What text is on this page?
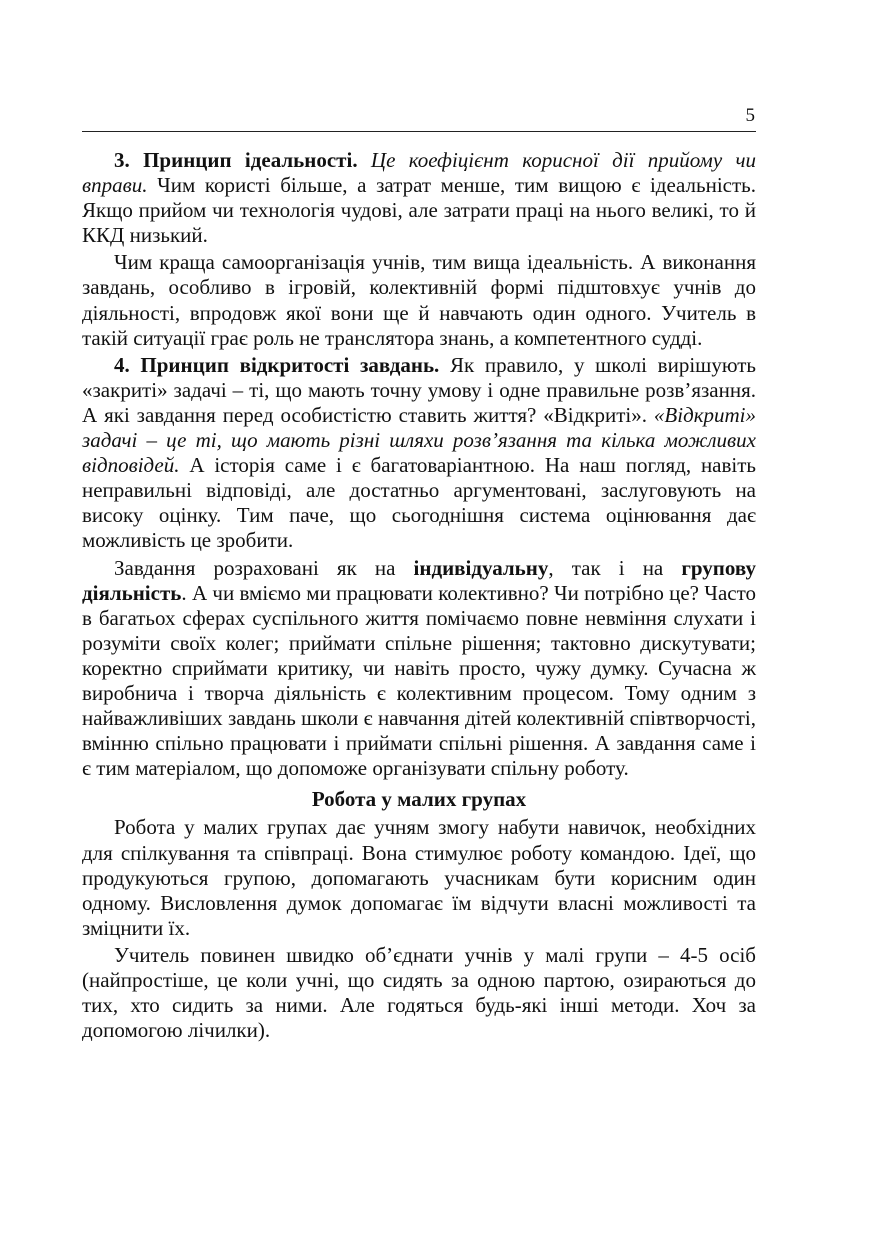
5

3. Принцип ідеальності. Це коефіцієнт корисної дії прийому чи вправи. Чим користі більше, а затрат менше, тим вищою є ідеальність. Якщо прийом чи технологія чудові, але затрати праці на нього великі, то й ККД низький.

Чим краща самоорганізація учнів, тим вища ідеальність. А виконання завдань, особливо в ігровій, колективній формі підштовхує учнів до діяльності, впродовж якої вони ще й навчають один одного. Учитель в такій ситуації грає роль не транслятора знань, а компетентного судді.

4. Принцип відкритості завдань. Як правило, у школі вирішують «закриті» задачі – ті, що мають точну умову і одне правильне розв’язання. А які завдання перед особистістю ставить життя? «Відкриті». «Відкриті» задачі – це ті, що мають різні шляхи розв’язання та кілька можливих відповідей. А історія саме і є багатоваріантною. На наш погляд, навіть неправильні відповіді, але достатньо аргументовані, заслуговують на високу оцінку. Тим паче, що сьогоднішня система оцінювання дає можливість це зробити.

Завдання розраховані як на індивідуальну, так і на групову діяльність. А чи вміємо ми працювати колективно? Чи потрібно це? Часто в багатьох сферах суспільного життя помічаємо повне невміння слухати і розуміти своїх колег; приймати спільне рішення; тактовно дискутувати; коректно сприймати критику, чи навіть просто, чужу думку. Сучасна ж виробнича і творча діяльність є колективним процесом. Тому одним з найважливіших завдань школи є навчання дітей колективній співтворчості, вмінню спільно працювати і приймати спільні рішення. А завдання саме і є тим матеріалом, що допоможе організувати спільну роботу.

Робота у малих групах

Робота у малих групах дає учням змогу набути навичок, необхідних для спілкування та співпраці. Вона стимулює роботу командою. Ідеї, що продукуються групою, допомагають учасникам бути корисним один одному. Висловлення думок допомагає їм відчути власні можливості та зміцнити їх.

Учитель повинен швидко об’єднати учнів у малі групи – 4-5 осіб (найпростіше, це коли учні, що сидять за одною партою, озираються до тих, хто сидить за ними. Але годяться будь-які інші методи. Хоч за допомогою лічилки).
